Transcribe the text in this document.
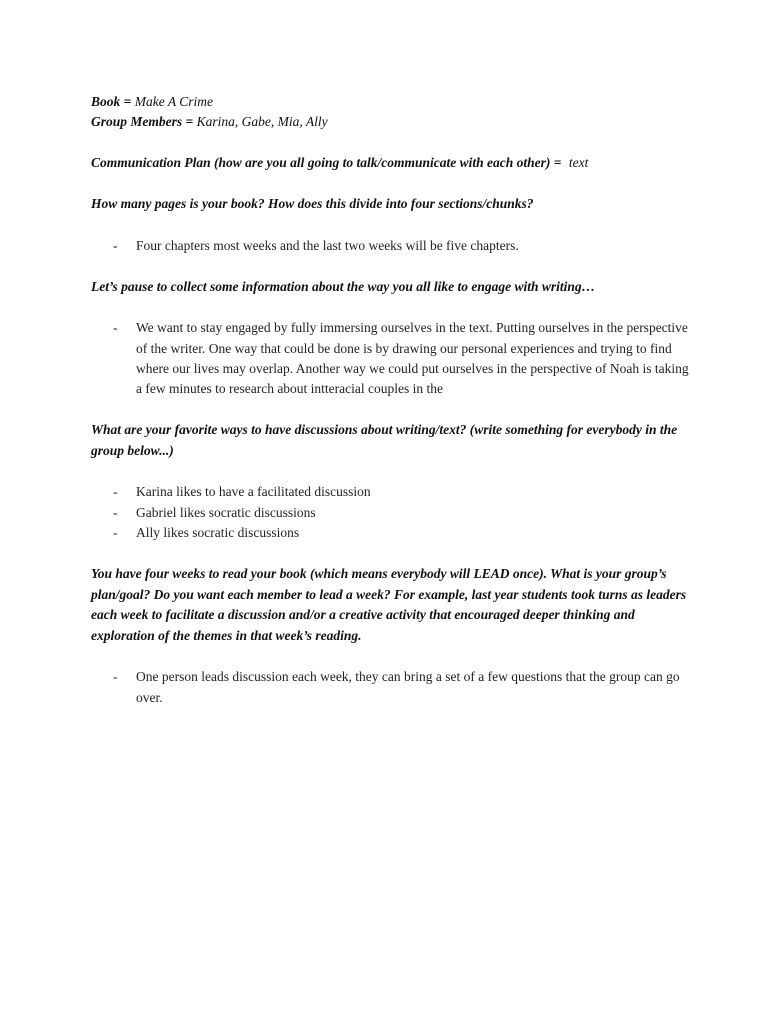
Book = Make A Crime
Group Members = Karina, Gabe, Mia, Ally
Communication Plan (how are you all going to talk/communicate with each other) = text
How many pages is your book? How does this divide into four sections/chunks?
- Four chapters most weeks and the last two weeks will be five chapters.
Let’s pause to collect some information about the way you all like to engage with writing…
- We want to stay engaged by fully immersing ourselves in the text. Putting ourselves in the perspective of the writer. One way that could be done is by drawing our personal experiences and trying to find where our lives may overlap. Another way we could put ourselves in the perspective of Noah is taking a few minutes to research about intteracial couples in the
What are your favorite ways to have discussions about writing/text? (write something for everybody in the group below...)
- Karina likes to have a facilitated discussion
- Gabriel likes socratic discussions
- Ally likes socratic discussions
You have four weeks to read your book (which means everybody will LEAD once). What is your group’s plan/goal? Do you want each member to lead a week? For example, last year students took turns as leaders each week to facilitate a discussion and/or a creative activity that encouraged deeper thinking and exploration of the themes in that week’s reading.
- One person leads discussion each week, they can bring a set of a few questions that the group can go over.
